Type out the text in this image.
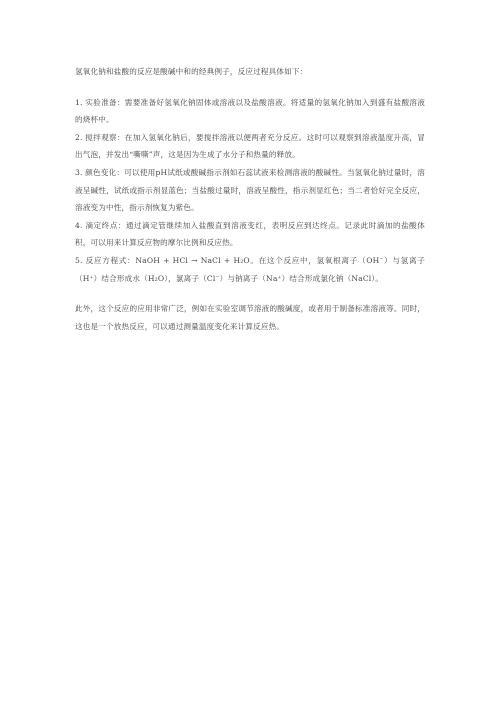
氢氧化钠和盐酸的反应是酸碱中和的经典例子，反应过程具体如下：

1. 实验准备：需要准备好氢氧化钠固体或溶液以及盐酸溶液。将适量的氢氧化钠加入到盛有盐酸溶液的烧杯中。

2. 搅拌观察：在加入氢氧化钠后，要搅拌溶液以便两者充分反应。这时可以观察到溶液温度升高，冒出气泡，并发出“嘶嘶”声，这是因为生成了水分子和热量的释放。

3. 颜色变化：可以使用pH试纸或酸碱指示剂如石蕊试液来检测溶液的酸碱性。当氢氧化钠过量时，溶液呈碱性，试纸或指示剂显蓝色；当盐酸过量时，溶液呈酸性，指示剂显红色；当二者恰好完全反应，溶液变为中性，指示剂恢复为紫色。

4. 滴定终点：通过滴定管继续加入盐酸直到溶液变红，表明反应到达终点。记录此时滴加的盐酸体积，可以用来计算反应物的摩尔比例和反应热。

5. 反应方程式：NaOH + HCl → NaCl + H₂O。在这个反应中，氢氧根离子（OH⁻）与氢离子（H⁺）结合形成水（H₂O），氯离子（Cl⁻）与钠离子（Na⁺）结合形成氯化钠（NaCl）。

此外，这个反应的应用非常广泛，例如在实验室调节溶液的酸碱度，或者用于制备标准溶液等。同时，这也是一个放热反应，可以通过测量温度变化来计算反应热。
